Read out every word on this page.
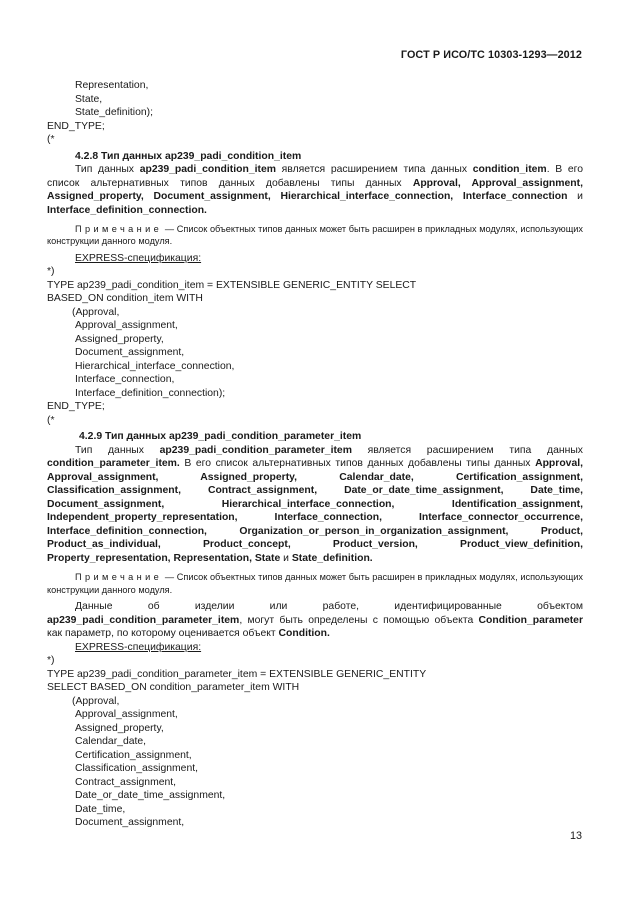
ГОСТ Р ИСО/ТС 10303-1293—2012
Representation,
State,
State_definition);
END_TYPE;
(*
4.2.8 Тип данных ap239_padi_condition_item
Тип данных ap239_padi_condition_item является расширением типа данных condition_item. В его список альтернативных типов данных добавлены типы данных Approval, Approval_assignment, Assigned_property, Document_assignment, Hierarchical_interface_connection, Interface_connection и Interface_definition_connection.
Примечание — Список объектных типов данных может быть расширен в прикладных модулях, использующих конструкции данного модуля.
EXPRESS-спецификация:
*)
TYPE ap239_padi_condition_item = EXTENSIBLE GENERIC_ENTITY SELECT
BASED_ON condition_item WITH
(Approval,
Approval_assignment,
Assigned_property,
Document_assignment,
Hierarchical_interface_connection,
Interface_connection,
Interface_definition_connection);
END_TYPE;
(*
4.2.9 Тип данных ap239_padi_condition_parameter_item
Тип данных ap239_padi_condition_parameter_item является расширением типа данных condition_parameter_item. В его список альтернативных типов данных добавлены типы данных Approval, Approval_assignment, Assigned_property, Calendar_date, Certification_assignment, Classification_assignment, Contract_assignment, Date_or_date_time_assignment, Date_time, Document_assignment, Hierarchical_interface_connection, Identification_assignment, Independent_property_representation, Interface_connection, Interface_connector_occurrence, Interface_definition_connection, Organization_or_person_in_organization_assignment, Product, Product_as_individual, Product_concept, Product_version, Product_view_definition, Property_representation, Representation, State и State_definition.
Примечание — Список объектных типов данных может быть расширен в прикладных модулях, использующих конструкции данного модуля.
Данные об изделии или работе, идентифицированные объектом ap239_padi_condition_parameter_item, могут быть определены с помощью объекта Condition_parameter как параметр, по которому оценивается объект Condition.
EXPRESS-спецификация:
*)
TYPE ap239_padi_condition_parameter_item = EXTENSIBLE GENERIC_ENTITY
SELECT BASED_ON condition_parameter_item WITH
(Approval,
Approval_assignment,
Assigned_property,
Calendar_date,
Certification_assignment,
Classification_assignment,
Contract_assignment,
Date_or_date_time_assignment,
Date_time,
Document_assignment,
13
